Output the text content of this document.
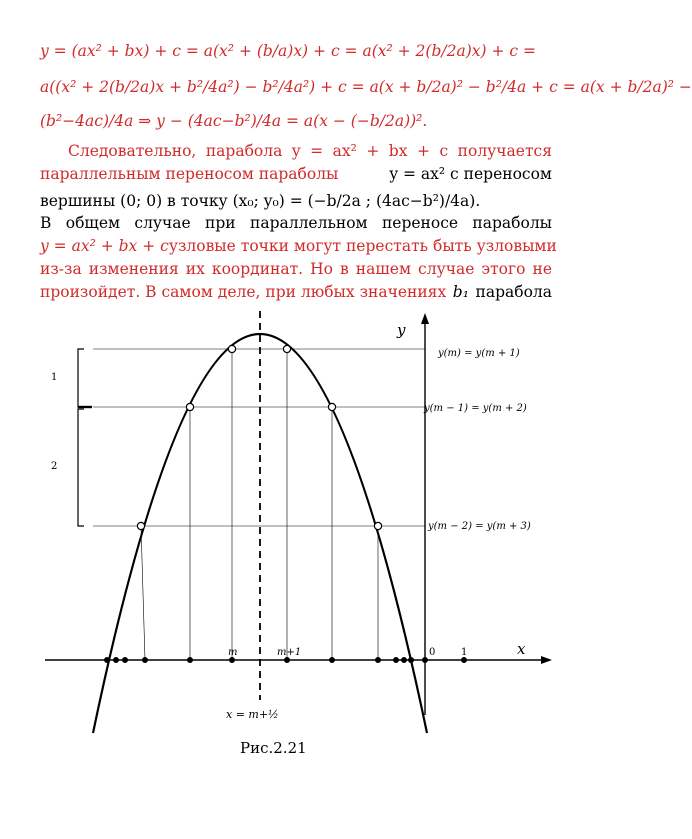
y = (ax² + bx) + c = a(x² + (b/a)x) + c = a(x² + 2(b/2a)x) + c =
a((x² + 2(b/2a)x + b²/4a²) − b²/4a²) + c = a(x + b/2a)² − b²/4a + c = a(x + b/2a)² −
(b²−4ac)/4a ⇒ y − (4ac−b²)/4a = a(x − (−b/2a))².
Следовательно, парабола y = ax² + bx + c получается
параллельным переносом параболы	y = ax² с переносом
вершины (0; 0) в точку (x₀; y₀) = (−b/2a ; (4ac−b²)/4a).
В общем случае при параллельном переносе параболы
y = ax² + bx + c узловые точки могут перестать быть узловыми
из-за изменения их координат. Но в нашем случае этого не
произойдет. В самом деле, при любых значениях b₁ парабола
y
x
y(m) = y(m + 1)
y(m − 1) = y(m + 2)
y(m − 2) = y(m + 3)
1
2
m	m+1	0	1
x = m+½
Рис.2.21
